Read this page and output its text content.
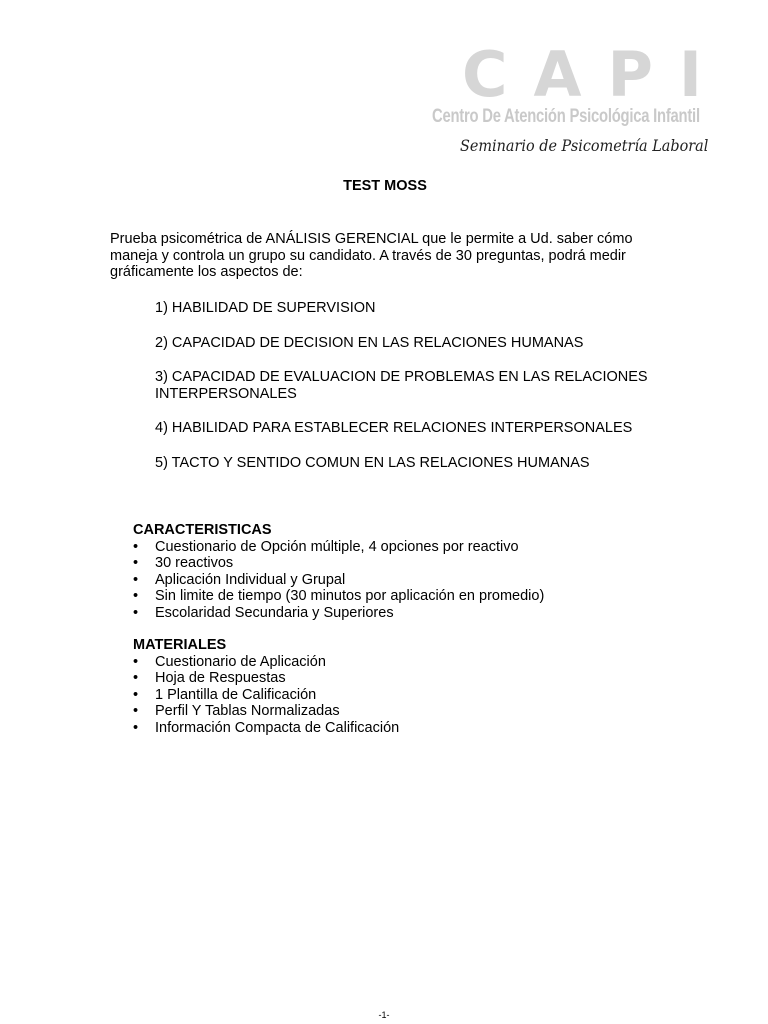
CAPI
Centro De Atención Psicológica Infantil
Seminario de Psicometría Laboral
TEST MOSS

Prueba psicométrica de ANÁLISIS GERENCIAL que le permite a Ud. saber cómo maneja y controla un grupo su candidato. A través de 30 preguntas, podrá medir gráficamente los aspectos de:

1) HABILIDAD DE SUPERVISION
2) CAPACIDAD DE DECISION EN LAS RELACIONES HUMANAS
3) CAPACIDAD DE EVALUACION DE PROBLEMAS EN LAS RELACIONES INTERPERSONALES
4) HABILIDAD PARA ESTABLECER RELACIONES INTERPERSONALES
5) TACTO Y SENTIDO COMUN EN LAS RELACIONES HUMANAS
CARACTERISTICAS
• Cuestionario de Opción múltiple, 4 opciones por reactivo
• 30 reactivos
• Aplicación Individual y Grupal
• Sin limite de tiempo (30 minutos por aplicación en promedio)
• Escolaridad Secundaria y Superiores
MATERIALES
• Cuestionario de Aplicación
• Hoja de Respuestas
• 1 Plantilla de Calificación
• Perfil Y Tablas Normalizadas
• Información Compacta de Calificación
-1-
